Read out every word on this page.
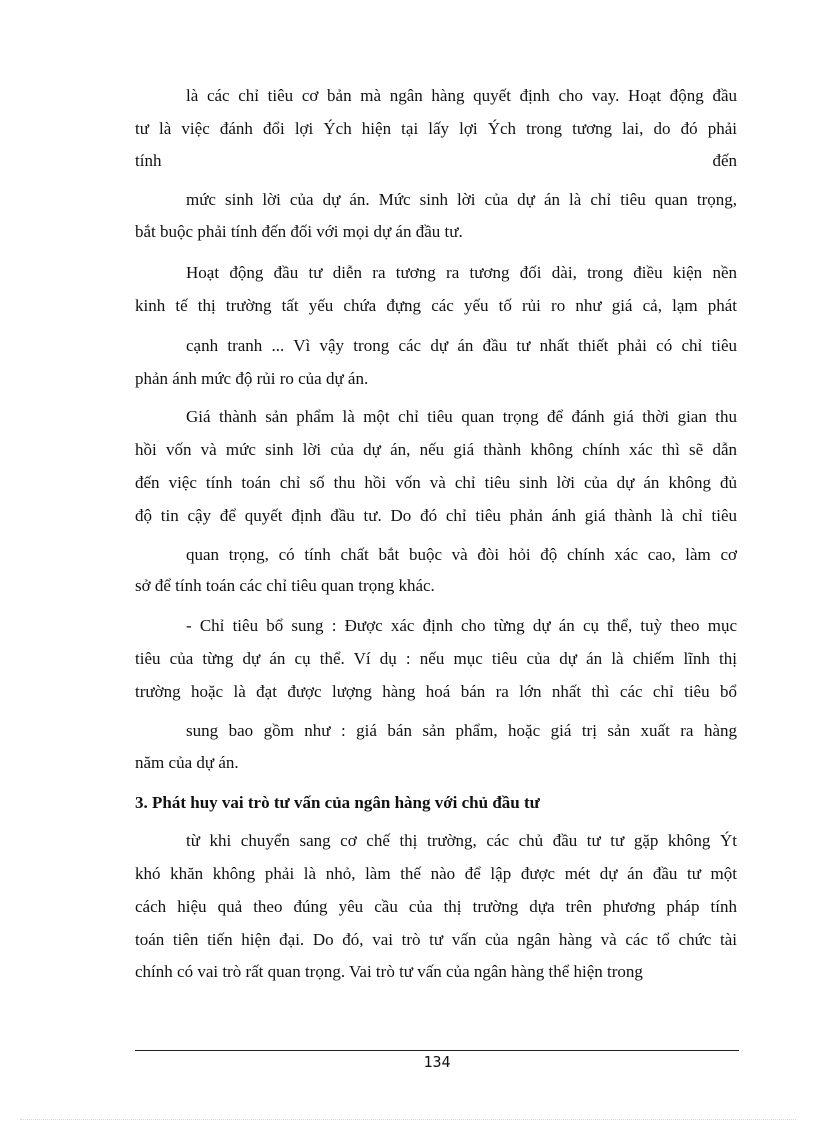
là các chỉ tiêu cơ bản mà ngân hàng quyết định cho vay. Hoạt động đầu
tư là việc đánh đổi lợi Ých hiện tại lấy lợi Ých trong tương lai, do đó phải
tính đến
mức sinh lời của dự án. Mức sinh lời của dự án là chỉ tiêu quan trọng,
bắt buộc phải tính đến đối với mọi dự án đầu tư.
Hoạt động đầu tư diễn ra tương ra tương đối dài, trong điều kiện nền
kinh tế thị trường tất yếu chứa đựng các yếu tố rủi ro như giá cả, lạm phát
cạnh tranh ... Vì vậy trong các dự án đầu tư nhất thiết phải có chỉ tiêu
phản ánh mức độ rủi ro của dự án.
Giá thành sản phẩm là một chỉ tiêu quan trọng để đánh giá thời gian thu
hồi vốn và mức sinh lời của dự án, nếu giá thành không chính xác thì sẽ dẫn
đến việc tính toán chỉ số thu hồi vốn và chỉ tiêu sinh lời của dự án không đủ
độ tin cậy để quyết định đầu tư. Do đó chỉ tiêu phản ánh giá thành là chỉ tiêu
quan trọng, có tính chất bắt buộc và đòi hỏi độ chính xác cao, làm cơ
sở để tính toán các chỉ tiêu quan trọng khác.
- Chỉ tiêu bổ sung : Được xác định cho từng dự án cụ thể, tuỳ theo mục
tiêu của từng dự án cụ thể. Ví dụ : nếu mục tiêu của dự án là chiếm lĩnh thị
trường hoặc là đạt được lượng hàng hoá bán ra lớn nhất thì các chỉ tiêu bổ
sung bao gồm như : giá bán sản phẩm, hoặc giá trị sản xuất ra hàng
năm của dự án.
3. Phát huy vai trò tư vấn của ngân hàng với chủ đầu tư
từ khi chuyển sang cơ chế thị trường, các chủ đầu tư tư gặp không Ýt
khó khăn không phải là nhỏ, làm thế nào để lập được mét dự án đầu tư một
cách hiệu quả theo đúng yêu cầu của thị trường dựa trên phương pháp tính
toán tiên tiến hiện đại. Do đó, vai trò tư vấn của ngân hàng và các tổ chức tài
chính có vai trò rất quan trọng. Vai trò tư vấn của ngân hàng thể hiện trong
134
